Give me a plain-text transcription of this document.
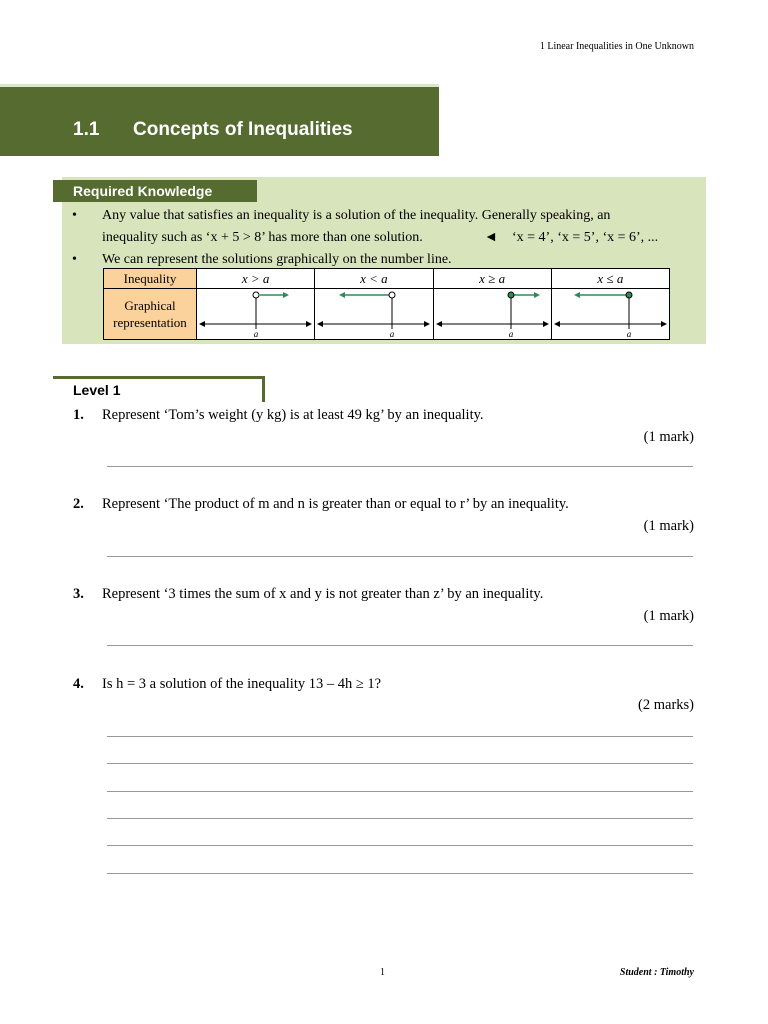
1 Linear Inequalities in One Unknown
1.1 Concepts of Inequalities
Required Knowledge
• Any value that satisfies an inequality is a solution of the inequality. Generally speaking, an
inequality such as ‘x + 5 > 8’ has more than one solution.	◄ ‘x = 4’, ‘x = 5’, ‘x = 6’, ...
• We can represent the solutions graphically on the number line.
Inequality	x > a	x < a	x ≥ a	x ≤ a
Graphical
representation	a	a	a	a
Level 1
1. Represent ‘Tom’s weight (y kg) is at least 49 kg’ by an inequality.
(1 mark)
2. Represent ‘The product of m and n is greater than or equal to r’ by an inequality.
(1 mark)
3. Represent ‘3 times the sum of x and y is not greater than z’ by an inequality.
(1 mark)
4. Is h = 3 a solution of the inequality 13 – 4h ≥ 1?
(2 marks)
1	Student : Timothy
